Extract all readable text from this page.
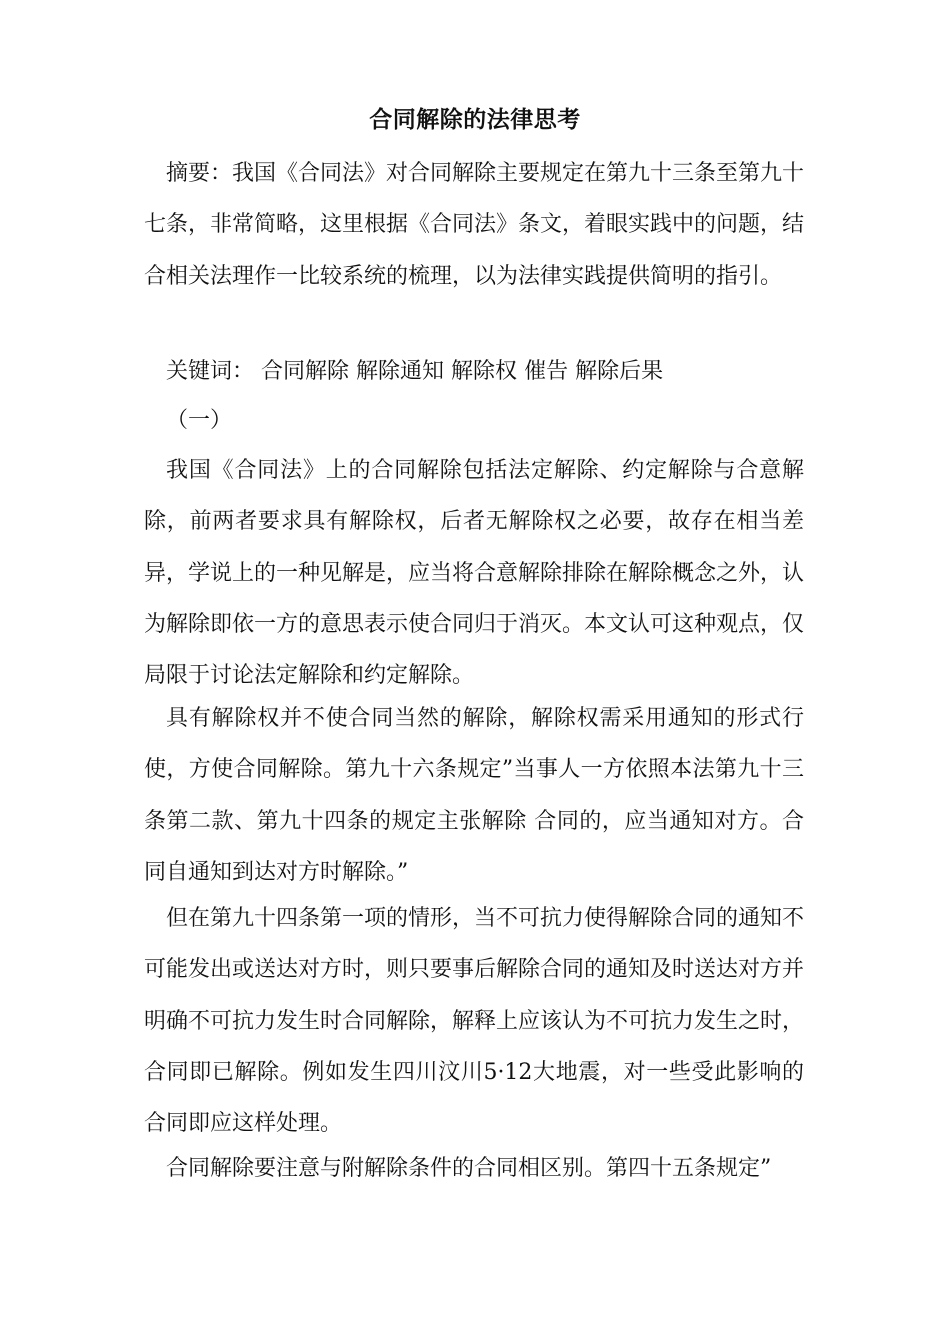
合同解除的法律思考

摘要：我国《合同法》对合同解除主要规定在第九十三条至第九十七条，非常简略，这里根据《合同法》条文，着眼实践中的问题，结合相关法理作一比较系统的梳理，以为法律实践提供简明的指引。

关键词： 合同解除 解除通知 解除权 催告 解除后果

（一）

我国《合同法》上的合同解除包括法定解除、约定解除与合意解除，前两者要求具有解除权，后者无解除权之必要，故存在相当差异，学说上的一种见解是，应当将合意解除排除在解除概念之外，认为解除即依一方的意思表示使合同归于消灭。本文认可这种观点，仅局限于讨论法定解除和约定解除。

具有解除权并不使合同当然的解除，解除权需采用通知的形式行使，方使合同解除。第九十六条规定”当事人一方依照本法第九十三条第二款、第九十四条的规定主张解除 合同的，应当通知对方。合同自通知到达对方时解除。”

但在第九十四条第一项的情形，当不可抗力使得解除合同的通知不可能发出或送达对方时，则只要事后解除合同的通知及时送达对方并明确不可抗力发生时合同解除，解释上应该认为不可抗力发生之时，合同即已解除。例如发生四川汶川5·12大地震，对一些受此影响的合同即应这样处理。

合同解除要注意与附解除条件的合同相区别。第四十五条规定”
